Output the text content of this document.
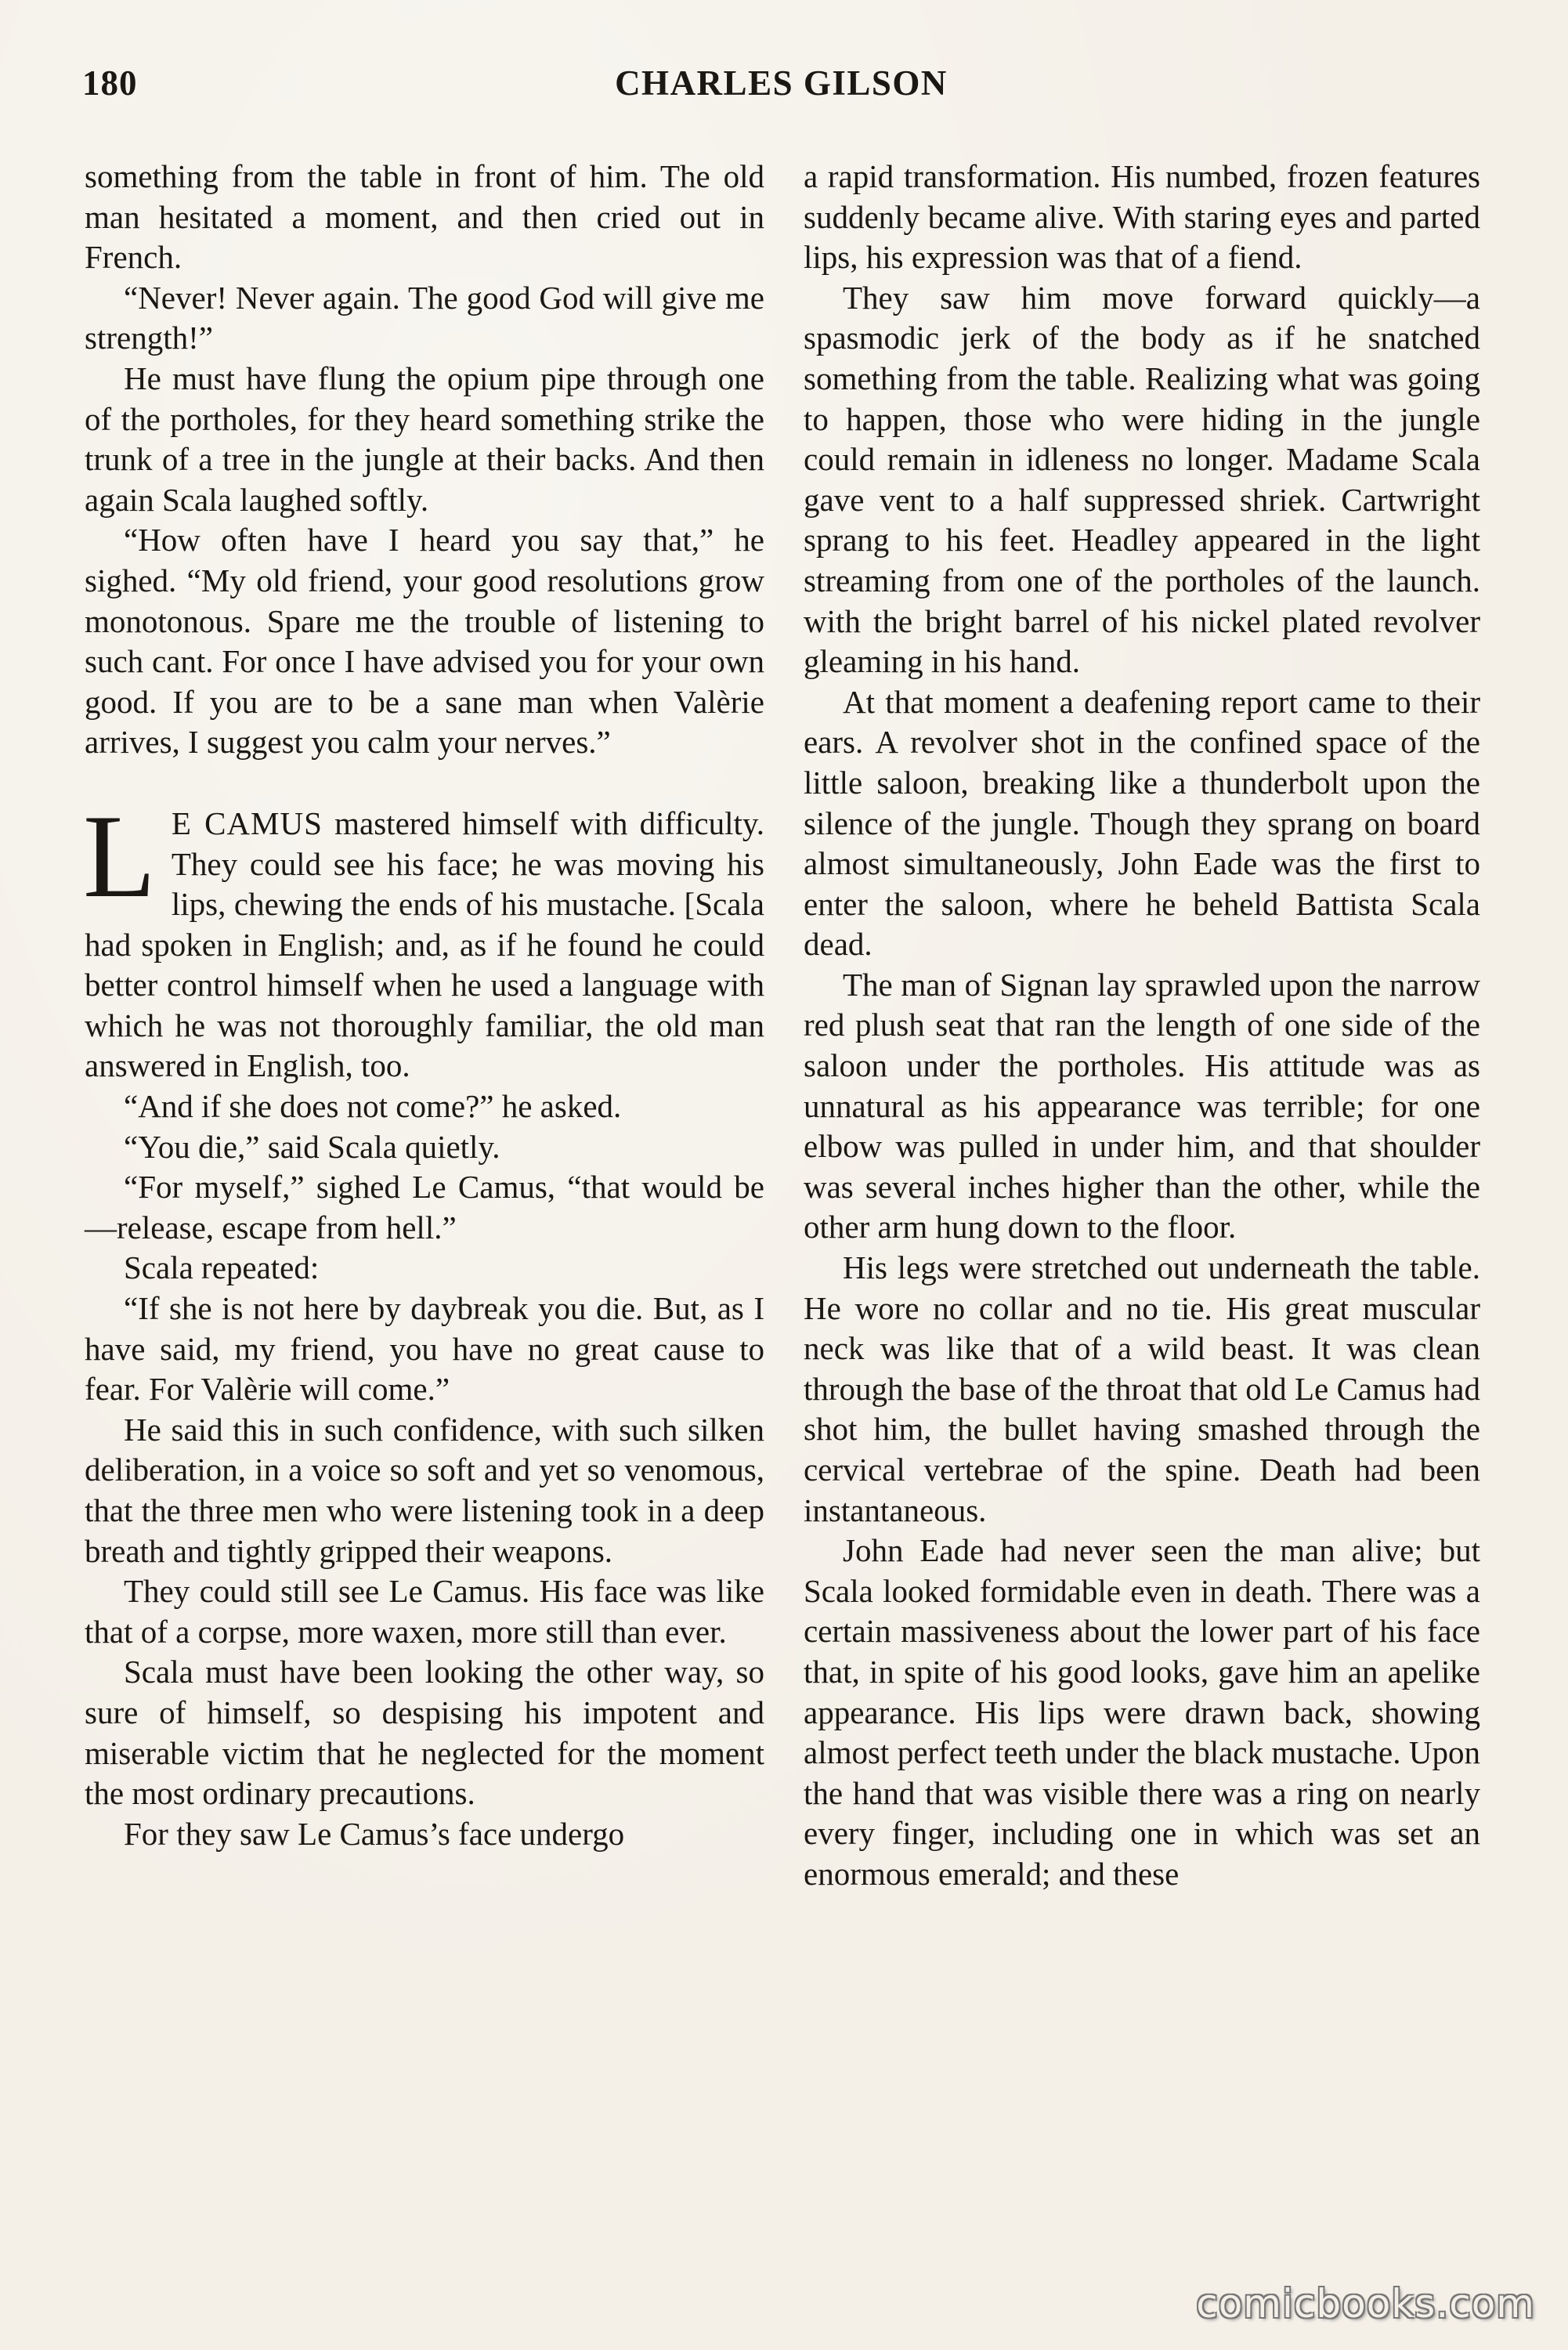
180	CHARLES GILSON

something from the table in front of him. The old man hesitated a moment, and then cried out in French.

“Never! Never again. The good God will give me strength!”

He must have flung the opium pipe through one of the portholes, for they heard something strike the trunk of a tree in the jungle at their backs. And then again Scala laughed softly.

“How often have I heard you say that,” he sighed. “My old friend, your good resolutions grow monotonous. Spare me the trouble of listening to such cant. For once I have advised you for your own good. If you are to be a sane man when Valèrie arrives, I suggest you calm your nerves.”

L E CAMUS mastered himself with difficulty. They could see his face; he was moving his lips, chewing the ends of his mustache. [Scala had spoken in English; and, as if he found he could better control himself when he used a language with which he was not thoroughly familiar, the old man answered in English, too.

“And if she does not come?” he asked.

“You die,” said Scala quietly.

“For myself,” sighed Le Camus, “that would be—release, escape from hell.”

Scala repeated:

“If she is not here by daybreak you die. But, as I have said, my friend, you have no great cause to fear. For Valèrie will come.”

He said this in such confidence, with such silken deliberation, in a voice so soft and yet so venomous, that the three men who were listening took in a deep breath and tightly gripped their weapons.

They could still see Le Camus. His face was like that of a corpse, more waxen, more still than ever.

Scala must have been looking the other way, so sure of himself, so despising his impotent and miserable victim that he neglected for the moment the most ordinary precautions.

For they saw Le Camus’s face undergo

a rapid transformation. His numbed, frozen features suddenly became alive. With staring eyes and parted lips, his expression was that of a fiend.

They saw him move forward quickly—a spasmodic jerk of the body as if he snatched something from the table. Realizing what was going to happen, those who were hiding in the jungle could remain in idleness no longer. Madame Scala gave vent to a half suppressed shriek. Cartwright sprang to his feet. Headley appeared in the light streaming from one of the portholes of the launch. with the bright barrel of his nickel plated revolver gleaming in his hand.

At that moment a deafening report came to their ears. A revolver shot in the confined space of the little saloon, breaking like a thunderbolt upon the silence of the jungle. Though they sprang on board almost simultaneously, John Eade was the first to enter the saloon, where he beheld Battista Scala dead.

The man of Signan lay sprawled upon the narrow red plush seat that ran the length of one side of the saloon under the portholes. His attitude was as unnatural as his appearance was terrible; for one elbow was pulled in under him, and that shoulder was several inches higher than the other, while the other arm hung down to the floor.

His legs were stretched out underneath the table. He wore no collar and no tie. His great muscular neck was like that of a wild beast. It was clean through the base of the throat that old Le Camus had shot him, the bullet having smashed through the cervical vertebrae of the spine. Death had been instantaneous.

John Eade had never seen the man alive; but Scala looked formidable even in death. There was a certain massiveness about the lower part of his face that, in spite of his good looks, gave him an apelike appearance. His lips were drawn back, showing almost perfect teeth under the black mustache. Upon the hand that was visible there was a ring on nearly every finger, including one in which was set an enormous emerald; and these

comicbooks.com
